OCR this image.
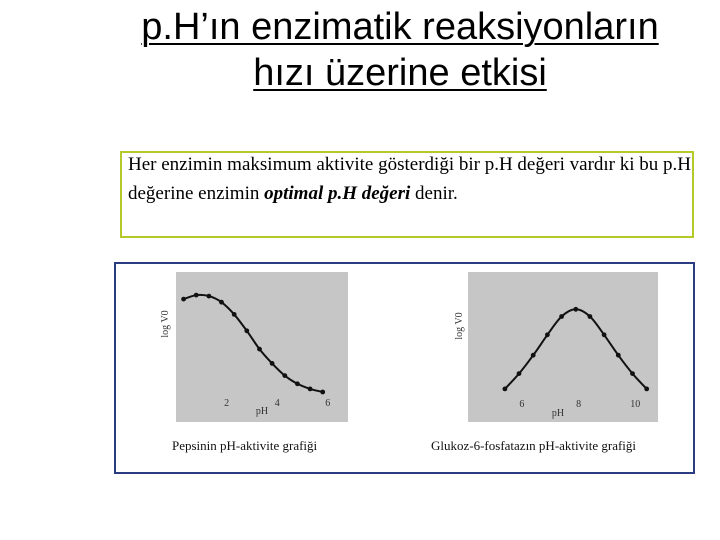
p.H’ın enzimatik reaksiyonların hızı üzerine etkisi
Her enzimin maksimum aktivite gösterdiği bir p.H değeri vardır ki bu p.H değerine enzimin optimal p.H değeri denir.
log V0
2	4	6
pH
Pepsinin pH-aktivite grafiği
log V0
6	8	10
pH
Glukoz-6-fosfatazın pH-aktivite grafiği
